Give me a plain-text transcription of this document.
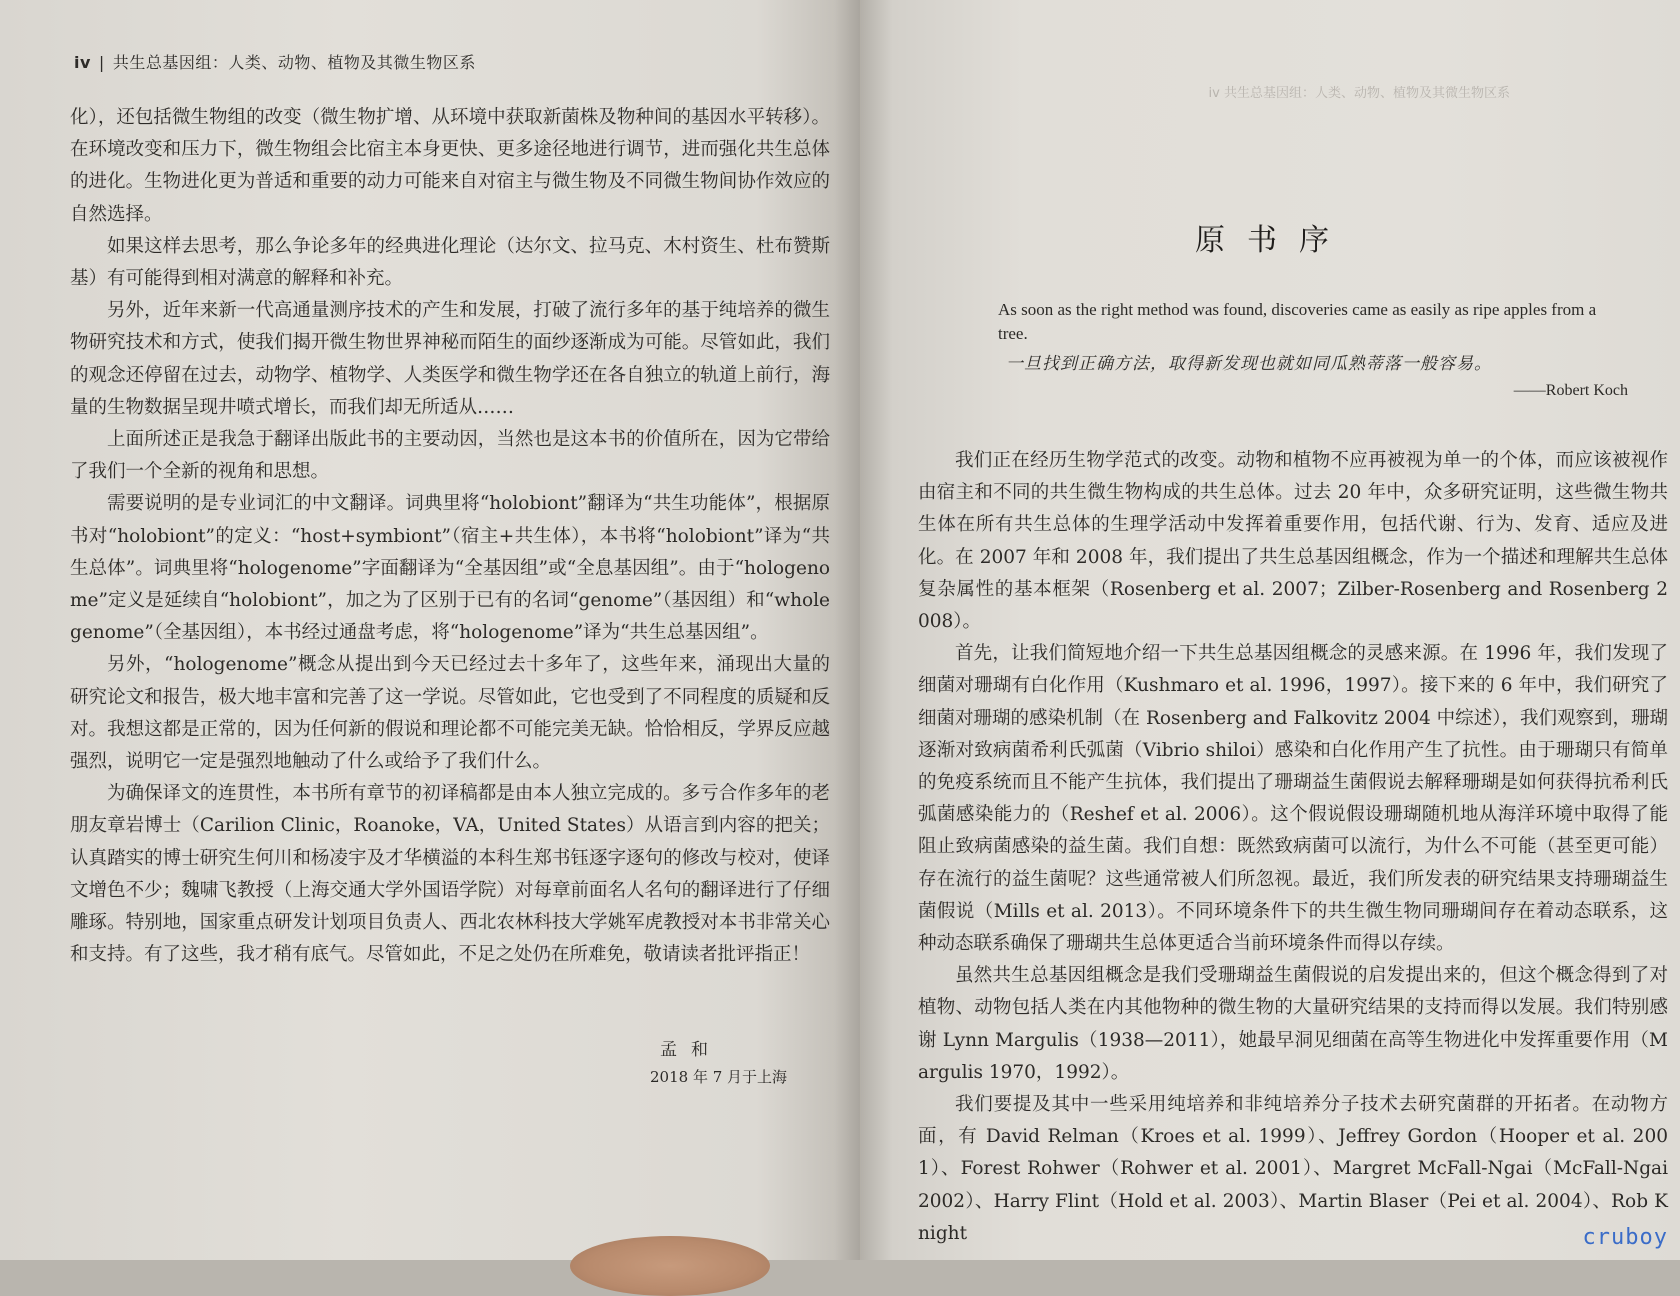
iv | 共生总基因组：人类、动物、植物及其微生物区系

化），还包括微生物组的改变（微生物扩增、从环境中获取新菌株及物种间的基因水平转移）。在环境改变和压力下，微生物组会比宿主本身更快、更多途径地进行调节，进而强化共生总体的进化。生物进化更为普适和重要的动力可能来自对宿主与微生物及不同微生物间协作效应的自然选择。

如果这样去思考，那么争论多年的经典进化理论（达尔文、拉马克、木村资生、杜布赞斯基）有可能得到相对满意的解释和补充。

另外，近年来新一代高通量测序技术的产生和发展，打破了流行多年的基于纯培养的微生物研究技术和方式，使我们揭开微生物世界神秘而陌生的面纱逐渐成为可能。尽管如此，我们的观念还停留在过去，动物学、植物学、人类医学和微生物学还在各自独立的轨道上前行，海量的生物数据呈现井喷式增长，而我们却无所适从……

上面所述正是我急于翻译出版此书的主要动因，当然也是这本书的价值所在，因为它带给了我们一个全新的视角和思想。

需要说明的是专业词汇的中文翻译。词典里将“holobiont”翻译为“共生功能体”，根据原书对“holobiont”的定义：“host+symbiont”（宿主+共生体），本书将“holobiont”译为“共生总体”。词典里将“hologenome”字面翻译为“全基因组”或“全息基因组”。由于“hologenome”定义是延续自“holobiont”，加之为了区别于已有的名词“genome”（基因组）和“whole genome”（全基因组），本书经过通盘考虑，将“hologenome”译为“共生总基因组”。

另外，“hologenome”概念从提出到今天已经过去十多年了，这些年来，涌现出大量的研究论文和报告，极大地丰富和完善了这一学说。尽管如此，它也受到了不同程度的质疑和反对。我想这都是正常的，因为任何新的假说和理论都不可能完美无缺。恰恰相反，学界反应越强烈，说明它一定是强烈地触动了什么或给予了我们什么。

为确保译文的连贯性，本书所有章节的初译稿都是由本人独立完成的。多亏合作多年的老朋友章岩博士（Carilion Clinic，Roanoke，VA，United States）从语言到内容的把关；认真踏实的博士研究生何川和杨凌宇及才华横溢的本科生郑书钰逐字逐句的修改与校对，使译文增色不少；魏啸飞教授（上海交通大学外国语学院）对每章前面名人名句的翻译进行了仔细雕琢。特别地，国家重点研发计划项目负责人、西北农林科技大学姚军虎教授对本书非常关心和支持。有了这些，我才稍有底气。尽管如此，不足之处仍在所难免，敬请读者批评指正！

孟和
2018 年 7 月于上海
iv 共生总基因组：人类、动物、植物及其微生物区系
原书序

As soon as the right method was found, discoveries came as easily as ripe apples from a tree.

一旦找到正确方法，取得新发现也就如同瓜熟蒂落一般容易。

——Robert Koch

我们正在经历生物学范式的改变。动物和植物不应再被视为单一的个体，而应该被视作由宿主和不同的共生微生物构成的共生总体。过去 20 年中，众多研究证明，这些微生物共生体在所有共生总体的生理学活动中发挥着重要作用，包括代谢、行为、发育、适应及进化。在 2007 年和 2008 年，我们提出了共生总基因组概念，作为一个描述和理解共生总体复杂属性的基本框架（Rosenberg et al. 2007；Zilber-Rosenberg and Rosenberg 2008）。

首先，让我们简短地介绍一下共生总基因组概念的灵感来源。在 1996 年，我们发现了细菌对珊瑚有白化作用（Kushmaro et al. 1996，1997）。接下来的 6 年中，我们研究了细菌对珊瑚的感染机制（在 Rosenberg and Falkovitz 2004 中综述），我们观察到，珊瑚逐渐对致病菌希利氏弧菌（Vibrio shiloi）感染和白化作用产生了抗性。由于珊瑚只有简单的免疫系统而且不能产生抗体，我们提出了珊瑚益生菌假说去解释珊瑚是如何获得抗希利氏弧菌感染能力的（Reshef et al. 2006）。这个假说假设珊瑚随机地从海洋环境中取得了能阻止致病菌感染的益生菌。我们自想：既然致病菌可以流行，为什么不可能（甚至更可能）存在流行的益生菌呢？这些通常被人们所忽视。最近，我们所发表的研究结果支持珊瑚益生菌假说（Mills et al. 2013）。不同环境条件下的共生微生物同珊瑚间存在着动态联系，这种动态联系确保了珊瑚共生总体更适合当前环境条件而得以存续。

虽然共生总基因组概念是我们受珊瑚益生菌假说的启发提出来的，但这个概念得到了对植物、动物包括人类在内其他物种的微生物的大量研究结果的支持而得以发展。我们特别感谢 Lynn Margulis（1938—2011），她最早洞见细菌在高等生物进化中发挥重要作用（Margulis 1970，1992）。

我们要提及其中一些采用纯培养和非纯培养分子技术去研究菌群的开拓者。在动物方面，有 David Relman（Kroes et al. 1999）、Jeffrey Gordon（Hooper et al. 2001）、Forest Rohwer（Rohwer et al. 2001）、Margret McFall-Ngai（McFall-Ngai 2002）、Harry Flint（Hold et al. 2003）、Martin Blaser（Pei et al. 2004）、Rob Knight	cruboy
